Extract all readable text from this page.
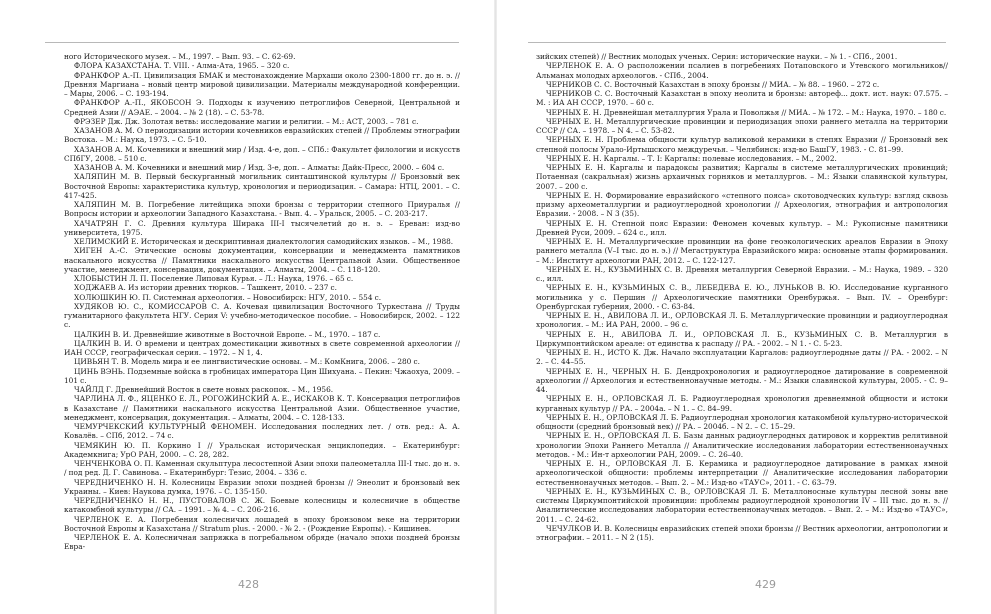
ного Исторического музея. – М., 1997. – Вып. 93. – С. 62-69.

ФЛОРА КАЗАХСТАНА. Т. VIII. - Алма-Ата, 1965. – 320 с.

ФРАНКФОР А.-П. Цивилизация БМАК и местонахождение Мархаши около 2300-1800 гг. до н. э. // Древняя Маргиана – новый центр мировой цивилизации. Материалы международной конференции. – Мары, 2006. – С. 193-194.

ФРАНКФОР А.-П., ЯКОБСОН Э. Подходы к изучению петроглифов Северной, Центральной и Средней Азии // АЭАЕ. – 2004. – № 2 (18). – С. 53-78.

ФРЭЗЕР Дж. Дж. Золотая ветвь: исследование магии и религии. – М.: АСТ, 2003. – 781 с.

ХАЗАНОВ А. М. О периодизации истории кочевников евразийских степей // Проблемы этнографии Востока. – М.: Наука, 1973. – С. 5-10.

ХАЗАНОВ А. М. Кочевники и внешний мир / Изд. 4-е, доп. – СПб.: Факультет филологии и искусств СПбГУ, 2008. – 510 с.

ХАЗАНОВ А. М. Кочевники и внешний мир / Изд. 3-е, доп. – Алматы: Дайк-Пресс, 2000. – 604 с.

ХАЛЯПИН М. В. Первый бескурганный могильник синташтинской культуры // Бронзовый век Восточной Европы: характеристика культур, хронология и периодизация. – Самара: НТЦ, 2001. – С. 417-425.

ХАЛЯПИН М. В. Погребение литейщика эпохи бронзы с территории степного Приуралья // Вопросы истории и археологии Западного Казахстана. - Вып. 4. – Уральск, 2005. – С. 203-217.

ХАЧАТРЯН Г. С. Древняя культура Ширака III-I тысячелетий до н. э. – Ереван: изд-во университета, 1975.

ХЕЛИМСКИЙ Е. Историческая и дескриптивная диалектология самодийских языков. – М., 1988.

ХИГЕН А.-С. Этические основы документации, консервации и менеджмента памятников наскального искусства // Памятники наскального искусства Центральной Азии. Общественное участие, менеджмент, консервация, документация. – Алматы, 2004. – С. 118-120.

ХЛОБЫСТИН Л. П. Поселение Липовая Курья. – Л.: Наука, 1976. – 65 с.

ХОДЖАЕВ А. Из истории древних тюрков. – Ташкент, 2010. – 237 с.

ХОЛЮШКИН Ю. П. Системная археология. – Новосибирск: НГУ, 2010. – 554 с.

ХУДЯКОВ Ю. С., КОМИССАРОВ С. А. Кочевая цивилизация Восточного Туркестана // Труды гуманитарного факультета НГУ. Серия V: учебно-методическое пособие. – Новосибирск, 2002. – 122 с.

ЦАЛКИН В. И. Древнейшие животные в Восточной Европе. – М., 1970. – 187 с.

ЦАЛКИН В. И. О времени и центрах доместикации животных в свете современной археологии // ИАН СССР, географическая серия. – 1972. – N 1, 4.

ЦИВЬЯН Т. В. Модель мира и ее лингвистические основы. – М.: КомКнига, 2006. – 280 с.

ЦИНЬ ВЭНЬ. Подземные войска в гробницах императора Цин Шихуана. – Пекин: Чжаохуа, 2009. – 101 с.

ЧАЙЛД Г. Древнейший Восток в свете новых раскопок. – М., 1956.

ЧАРЛИНА Л. Ф., ЯЦЕНКО Е. Л., РОГОЖИНСКИЙ А. Е., ИСКАКОВ К. Т. Консервация петроглифов в Казахстане // Памятники наскального искусства Центральной Азии. Общественное участие, менеджмент, консервация, документация. – Алматы, 2004. – С. 128-133.

ЧЕМУРЧЕКСКИЙ КУЛЬТУРНЫЙ ФЕНОМЕН. Исследования последних лет. / отв. ред.: А. А. Ковалёв. – СПб, 2012. – 74 с.

ЧЕМЯКИН Ю. П. Коркино I // Уральская историческая энциклопедия. – Екатеринбург: Академкнига; УрО РАН, 2000. – С. 28, 282.

ЧЕНЧЕНКОВА О. П. Каменная скульптура лесостепной Азии эпохи палеометалла III-I тыс. до н. э. / под ред. Д. Г. Савинова. – Екатеринбург: Тезис, 2004. – 336 с.

ЧЕРЕДНИЧЕНКО Н. Н. Колесницы Евразии эпохи поздней бронзы // Энеолит и бронзовый век Украины. – Киев: Наукова думка, 1976. – С. 135-150.

ЧЕРЕДНИЧЕНКО Н. Н., ПУСТОВАЛОВ С. Ж. Боевые колесницы и колесничие в обществе катакомбной культуры // СА. – 1991. – № 4. – С. 206-216.

ЧЕРЛЕНОК Е. А. Погребения колесничих лошадей в эпоху бронзовом веке на территории Восточной Европы и Казахстана // Stratum plus. - 2000. - № 2. - (Рождение Европы). - Кишинев.

ЧЕРЛЕНОК Е. А. Колесничная запряжка в погребальном обряде (начало эпохи поздней бронзы Евра-

428

зийских степей) // Вестник молодых ученых. Серия: исторические науки. – № 1. - СПб., 2001.

ЧЕРЛЕНОК Е. А. О расположении псалиев в погребениях Потаповского и Утевского могильников// Альманах молодых археологов. - СПб., 2004.

ЧЕРНИКОВ С. С. Восточный Казахстан в эпоху бронзы // МИА. – № 88. – 1960. – 272 с.

ЧЕРНИКОВ С. С. Восточный Казахстан в эпоху неолита и бронзы: автореф... докт. ист. наук: 07.575. – М. : ИА АН СССР, 1970. – 60 с.

ЧЕРНЫХ Е. Н. Древнейшая металлургия Урала и Поволжья // МИА. – № 172. – М.: Наука, 1970. – 180 с.

ЧЕРНЫХ Е. Н. Металлургические провинции и периодизация эпохи раннего металла на территории СССР // СА. – 1978. – N 4. – С. 53-82.

ЧЕРНЫХ Е. Н. Проблема общности культур валиковой керамики в степях Евразии // Бронзовый век степной полосы Урало-Иртышского междуречья. – Челябинск: изд-во БашГУ, 1983. - С. 81–99.

ЧЕРНЫХ Е. Н. Каргалы. – Т. I: Каргалы: полевые исследования. – М., 2002.

ЧЕРНЫХ Е. Н. Каргалы и парадоксы развития; Каргалы в системе металлургических провинций; Потаенная (сакральная) жизнь архаичных горняков и металлургов. – М.: Языки славянской культуры, 2007. – 200 с.

ЧЕРНЫХ Е. Н. Формирование евразийского «степного пояса» скотоводческих культур: взгляд сквозь призму археометаллургии и радиоуглеродной хронологии // Археология, этнография и антропология Евразии. - 2008. – N 3 (35).

ЧЕРНЫХ Е. Н. Степной пояс Евразии: Феномен кочевых культур. – М.: Рукописные памятники Древней Руси, 2009. – 624 с., илл.

ЧЕРНЫХ Е. Н. Металлургические провинции на фоне геоэкологических ареалов Евразии в Эпоху раннего металла (V–I тыс. до н. э.) // Мегаструктура Евразийского мира: основные этапы формирования. – М.: Институт археологии РАН, 2012. – С. 122-127.

ЧЕРНЫХ Е. Н., КУЗЬМИНЫХ С. В. Древняя металлургия Северной Евразии. – М.: Наука, 1989. – 320 с., илл.

ЧЕРНЫХ Е. Н., КУЗЬМИНЫХ С. В., ЛЕБЕДЕВА Е. Ю., ЛУНЬКОВ В. Ю. Исследование курганного могильника у с. Першин // Археологические памятники Оренбуржья. – Вып. IV. – Оренбург: Оренбургская губерния, 2000. - С. 63-84.

ЧЕРНЫХ Е. Н., АВИЛОВА Л. И., ОРЛОВСКАЯ Л. Б. Металлургические провинции и радиоуглеродная хронология. – М.: ИА РАН, 2000. – 96 с.

ЧЕРНЫХ Е. Н., АВИЛОВА Л. И., ОРЛОВСКАЯ Л. Б., КУЗЬМИНЫХ С. В. Металлургия в Циркумпонтийском ареале: от единства к распаду // РА. - 2002. – N 1. - С. 5-23.

ЧЕРНЫХ Е. Н., ИСТО К. Дж. Начало эксплуатации Каргалов: радиоуглеродные даты // РА. - 2002. – N 2. – С. 44–55.

ЧЕРНЫХ Е. Н., ЧЕРНЫХ Н. Б. Дендрохронология и радиоуглеродное датирование в современной археологии // Археология и естественнонаучные методы. - М.: Языки славянской культуры, 2005. - С. 9–44.

ЧЕРНЫХ Е. Н., ОРЛОВСКАЯ Л. Б. Радиоуглеродная хронология древнеямной общности и истоки курганных культур // РА. – 2004а. – N 1. – С. 84–99.

ЧЕРНЫХ Е. Н., ОРЛОВСКАЯ Л. Б. Радиоуглеродная хронология катакомбной культурно-исторической общности (средний бронзовый век) // РА. – 2004б. – N 2. – С. 15–29.

ЧЕРНЫХ Е. Н., ОРЛОВСКАЯ Л. Б. Базы данных радиоуглеродных датировок и корректив релятивной хронологии Эпохи Раннего Металла // Аналитические исследования лаборатории естественнонаучных методов. - М.: Ин-т археологии РАН, 2009. – С. 26–40.

ЧЕРНЫХ Е. Н., ОРЛОВСКАЯ Л. Б. Керамика и радиоуглеродное датирование в рамках ямной археологической общности: проблемы интерпретации // Аналитические исследования лаборатории естественнонаучных методов. – Вып. 2. – М.: Изд-во «ТАУС», 2011. - С. 63–79.

ЧЕРНЫХ Е. Н., КУЗЬМИНЫХ С. В., ОРЛОВСКАЯ Л. Б. Металлоносные культуры лесной зоны вне системы Циркумпонтийской провинции: проблемы радиоуглеродной хронологии IV – III тыс. до н. э. // Аналитические исследования лаборатории естественнонаучных методов. – Вып. 2. – М.: Изд-во «ТАУС», 2011. – С. 24-62.

ЧЕЧУЛКОВ И. В. Колесницы евразийских степей эпохи бронзы // Вестник археологии, антропологии и этнографии. – 2011. – N 2 (15).

429
